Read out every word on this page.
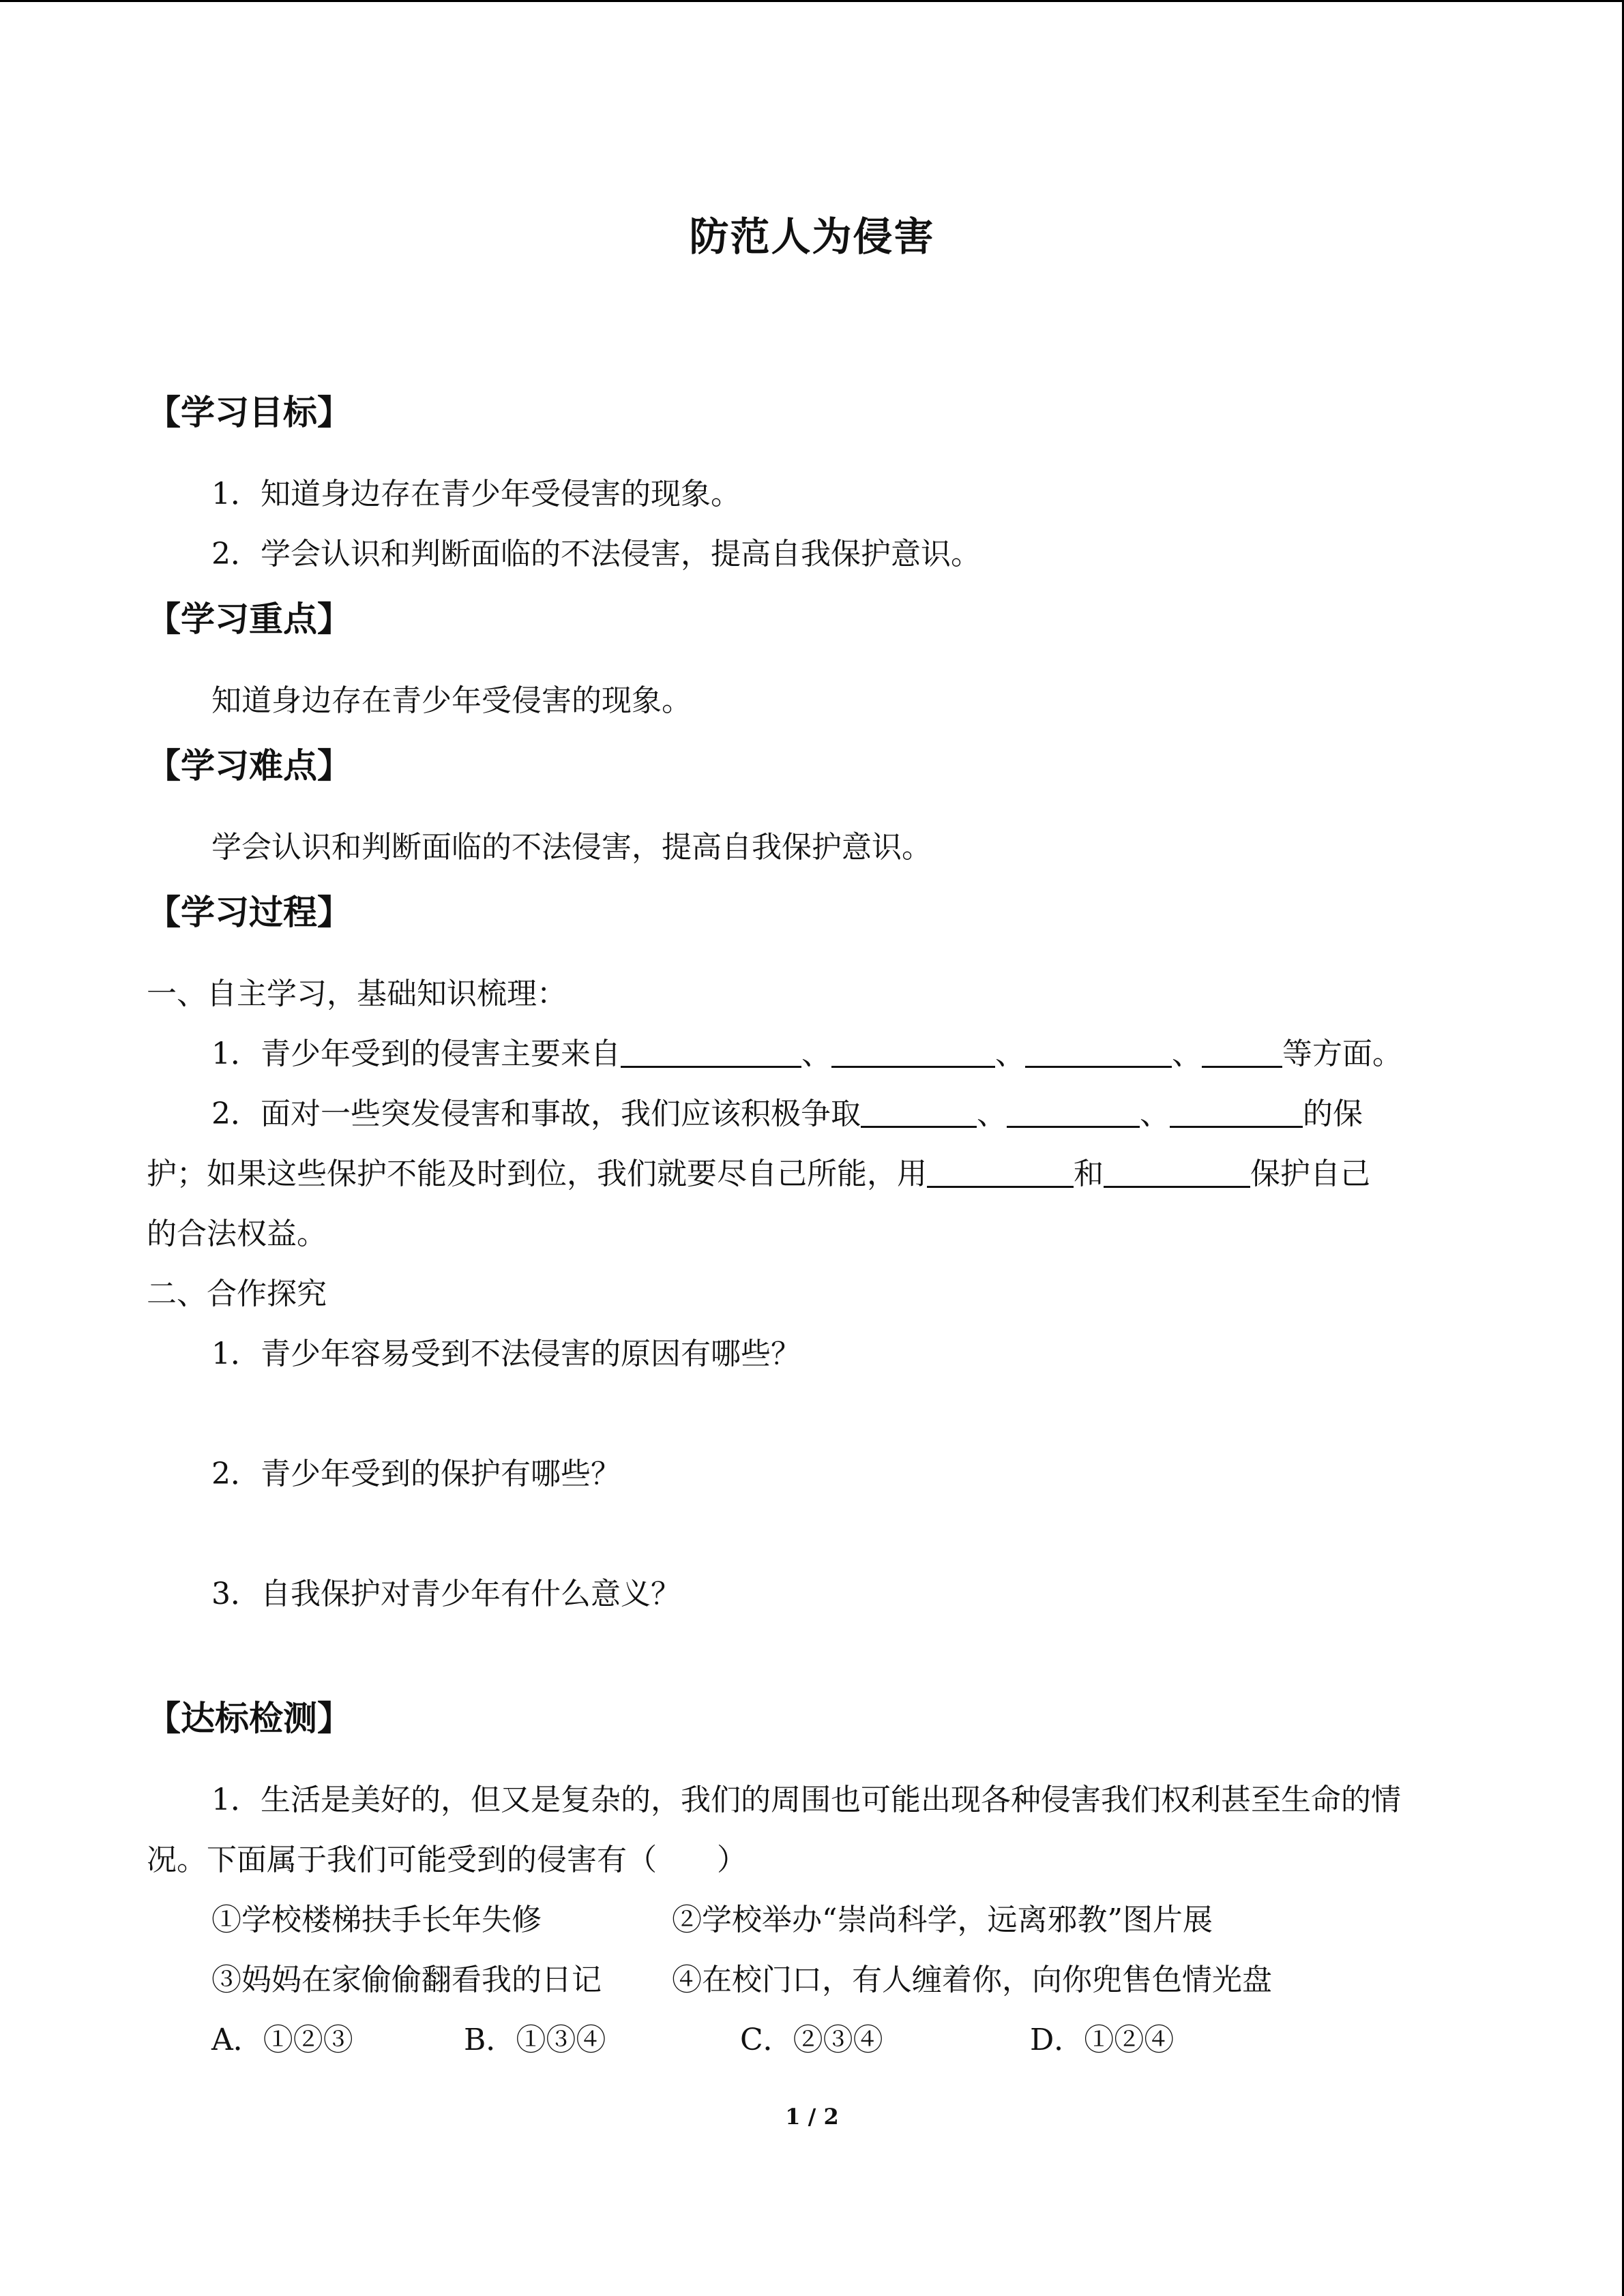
防范人为侵害
【学习目标】
1．知道身边存在青少年受侵害的现象。
2．学会认识和判断面临的不法侵害，提高自我保护意识。
【学习重点】
知道身边存在青少年受侵害的现象。
【学习难点】
学会认识和判断面临的不法侵害，提高自我保护意识。
【学习过程】
一、自主学习，基础知识梳理：
1．青少年受到的侵害主要来自	、	、	、	等方面。
2．面对一些突发侵害和事故，我们应该积极争取	、	、	的保
护；如果这些保护不能及时到位，我们就要尽自己所能，用	和	保护自己
的合法权益。
二、合作探究
1．青少年容易受到不法侵害的原因有哪些？
2．青少年受到的保护有哪些？
3．自我保护对青少年有什么意义？
【达标检测】
1．生活是美好的，但又是复杂的，我们的周围也可能出现各种侵害我们权利甚至生命的情
况。下面属于我们可能受到的侵害有（　　）
①学校楼梯扶手长年失修	②学校举办“崇尚科学，远离邪教”图片展
③妈妈在家偷偷翻看我的日记 ④在校门口，有人缠着你，向你兜售色情光盘
A．①②③	B．①③④	C．②③④	D．①②④
1 / 2
